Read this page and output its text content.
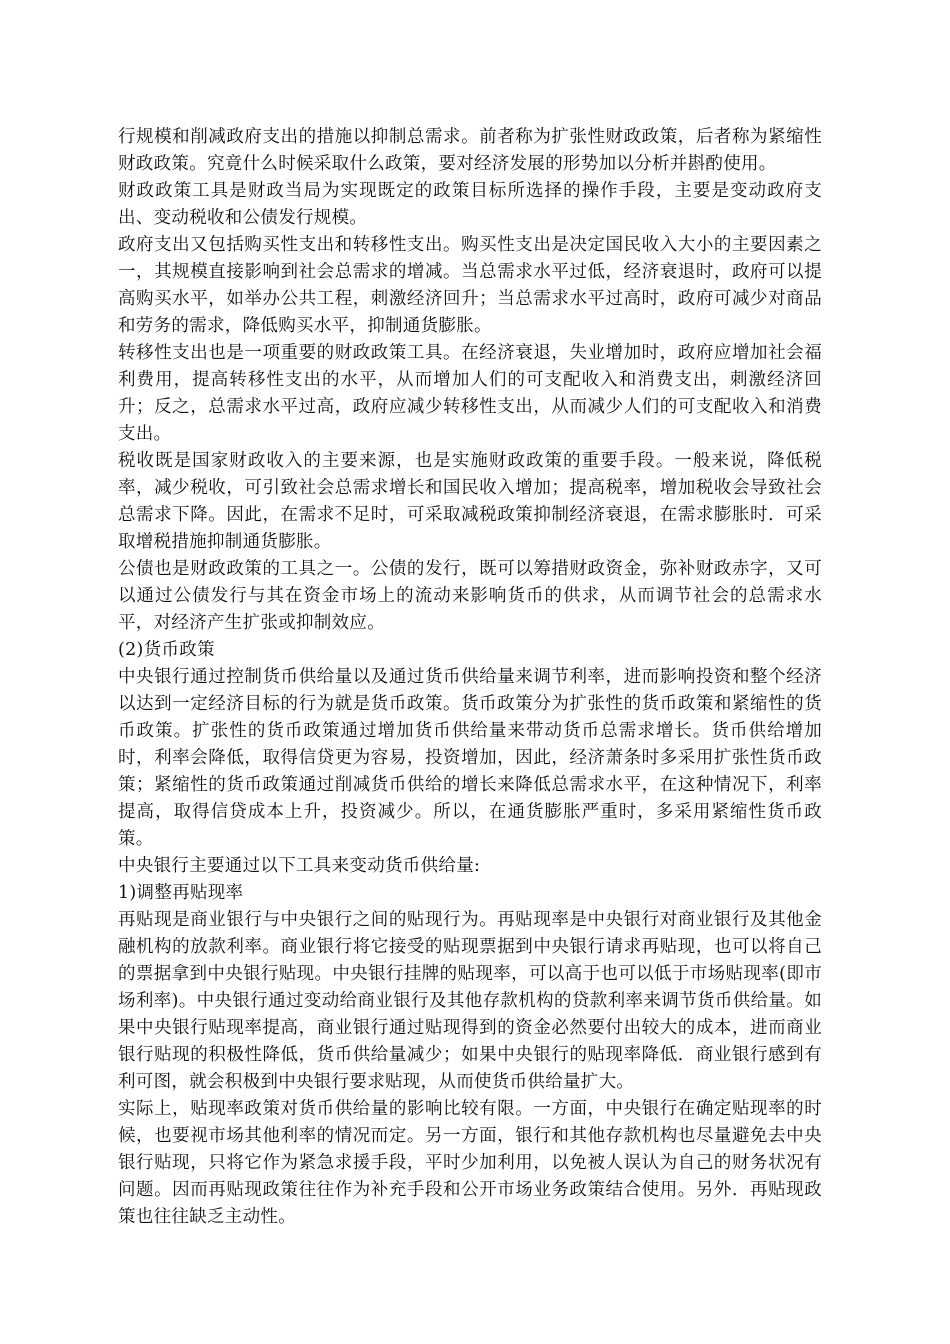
行规模和削减政府支出的措施以抑制总需求。前者称为扩张性财政政策，后者称为紧缩性财政政策。究竟什么时候采取什么政策，要对经济发展的形势加以分析并斟酌使用。

财政政策工具是财政当局为实现既定的政策目标所选择的操作手段，主要是变动政府支出、变动税收和公债发行规模。

政府支出又包括购买性支出和转移性支出。购买性支出是决定国民收入大小的主要因素之一，其规模直接影响到社会总需求的增减。当总需求水平过低，经济衰退时，政府可以提高购买水平，如举办公共工程，刺激经济回升；当总需求水平过高时，政府可减少对商品和劳务的需求，降低购买水平，抑制通货膨胀。

转移性支出也是一项重要的财政政策工具。在经济衰退，失业增加时，政府应增加社会福利费用，提高转移性支出的水平，从而增加人们的可支配收入和消费支出，刺激经济回升；反之，总需求水平过高，政府应减少转移性支出，从而减少人们的可支配收入和消费支出。

税收既是国家财政收入的主要来源，也是实施财政政策的重要手段。一般来说，降低税率，减少税收，可引致社会总需求增长和国民收入增加；提高税率，增加税收会导致社会总需求下降。因此，在需求不足时，可采取减税政策抑制经济衰退，在需求膨胀时．可采取增税措施抑制通货膨胀。

公债也是财政政策的工具之一。公债的发行，既可以筹措财政资金，弥补财政赤字，又可以通过公债发行与其在资金市场上的流动来影响货币的供求，从而调节社会的总需求水平，对经济产生扩张或抑制效应。

(2)货币政策

中央银行通过控制货币供给量以及通过货币供给量来调节利率，进而影响投资和整个经济以达到一定经济目标的行为就是货币政策。货币政策分为扩张性的货币政策和紧缩性的货币政策。扩张性的货币政策通过增加货币供给量来带动货币总需求增长。货币供给增加时，利率会降低，取得信贷更为容易，投资增加，因此，经济萧条时多采用扩张性货币政策；紧缩性的货币政策通过削减货币供给的增长来降低总需求水平，在这种情况下，利率提高，取得信贷成本上升，投资减少。所以，在通货膨胀严重时，多采用紧缩性货币政策。

中央银行主要通过以下工具来变动货币供给量:

1)调整再贴现率

再贴现是商业银行与中央银行之间的贴现行为。再贴现率是中央银行对商业银行及其他金融机构的放款利率。商业银行将它接受的贴现票据到中央银行请求再贴现，也可以将自己的票据拿到中央银行贴现。中央银行挂牌的贴现率，可以高于也可以低于市场贴现率(即市场利率)。中央银行通过变动给商业银行及其他存款机构的贷款利率来调节货币供给量。如果中央银行贴现率提高，商业银行通过贴现得到的资金必然要付出较大的成本，进而商业银行贴现的积极性降低，货币供给量减少；如果中央银行的贴现率降低．商业银行感到有利可图，就会积极到中央银行要求贴现，从而使货币供给量扩大。

实际上，贴现率政策对货币供给量的影响比较有限。一方面，中央银行在确定贴现率的时候，也要视市场其他利率的情况而定。另一方面，银行和其他存款机构也尽量避免去中央银行贴现，只将它作为紧急求援手段，平时少加利用，以免被人误认为自己的财务状况有问题。因而再贴现政策往往作为补充手段和公开市场业务政策结合使用。另外．再贴现政策也往往缺乏主动性。
